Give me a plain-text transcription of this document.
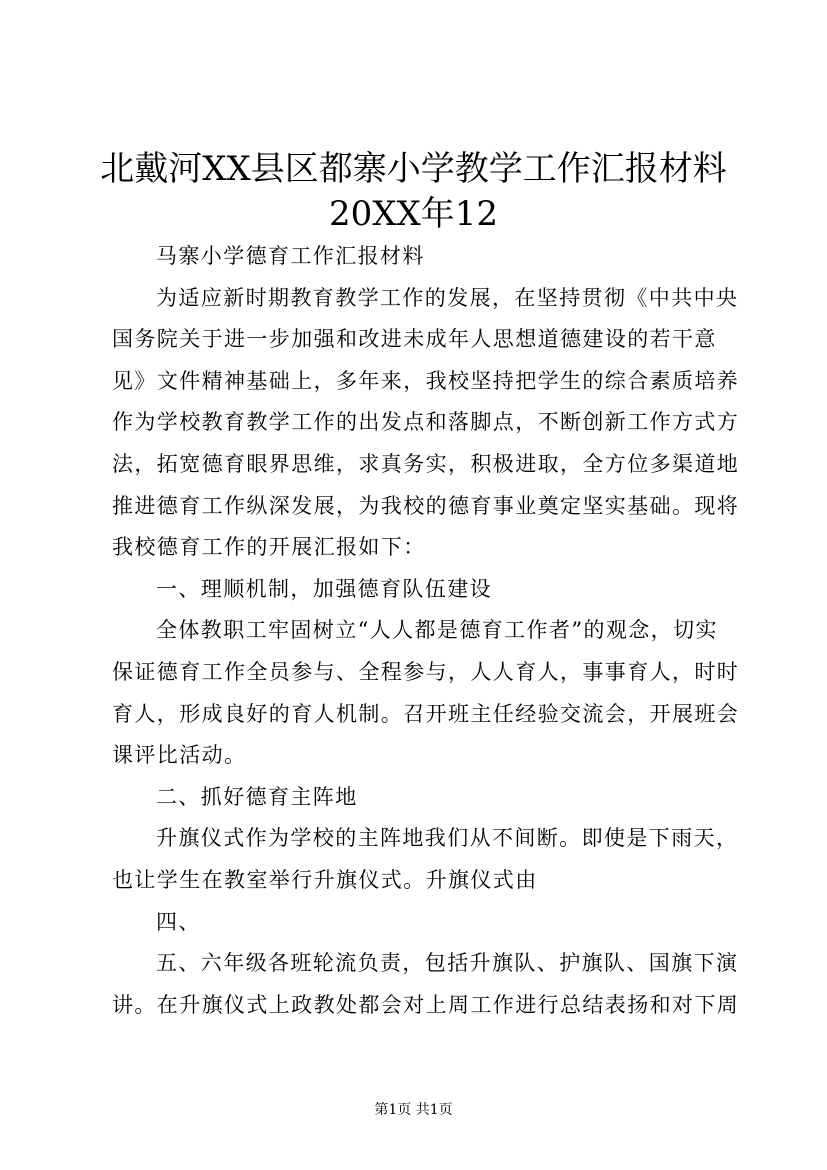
北戴河XX县区都寨小学教学工作汇报材料
20XX年12
马寨小学德育工作汇报材料
为适应新时期教育教学工作的发展，在坚持贯彻《中共中央
国务院关于进一步加强和改进未成年人思想道德建设的若干意
见》文件精神基础上，多年来，我校坚持把学生的综合素质培养
作为学校教育教学工作的出发点和落脚点，不断创新工作方式方
法，拓宽德育眼界思维，求真务实，积极进取，全方位多渠道地
推进德育工作纵深发展，为我校的德育事业奠定坚实基础。现将
我校德育工作的开展汇报如下：
一、理顺机制，加强德育队伍建设
全体教职工牢固树立“人人都是德育工作者”的观念，切实
保证德育工作全员参与、全程参与，人人育人，事事育人，时时
育人，形成良好的育人机制。召开班主任经验交流会，开展班会
课评比活动。
二、抓好德育主阵地
升旗仪式作为学校的主阵地我们从不间断。即使是下雨天，
也让学生在教室举行升旗仪式。升旗仪式由
四、
五、六年级各班轮流负责，包括升旗队、护旗队、国旗下演
讲。在升旗仪式上政教处都会对上周工作进行总结表扬和对下周
第1页 共1页
